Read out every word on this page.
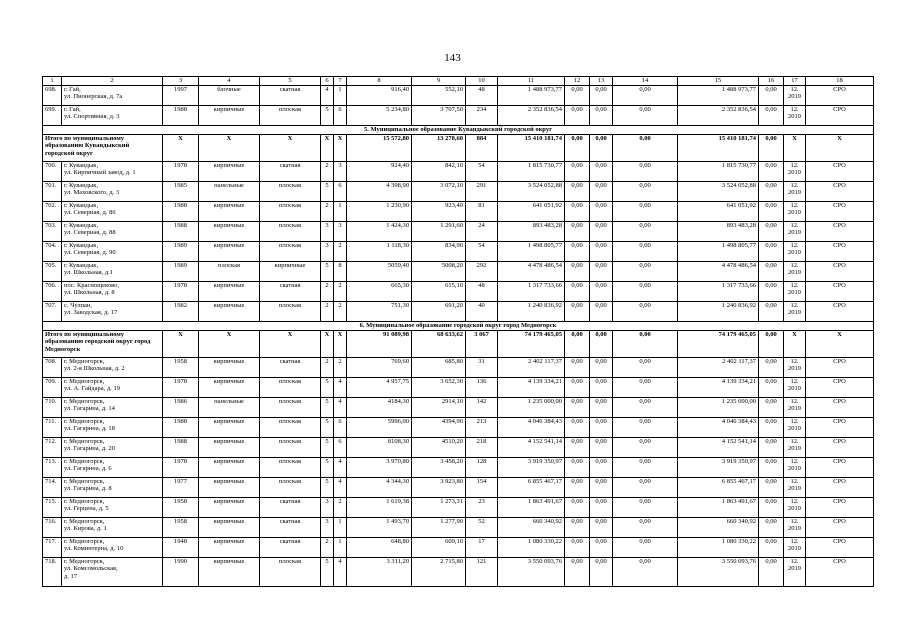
143
1	2	3	4	5	6	7	8	9	10	11	12	13	14	15	16	17	18
698.	г. Гай,
ул. Пионерская, д. 7а	1997	блочные	скатная	4	1	916,40	552,10	48	1 488 973,77	0,00	0,00	0,00	1 488 973,77	0,00	12.
2019	СРО
699.	г. Гай,
ул. Спортивная, д. 3	1988	кирпичные	плоская	5	6	5 234,80	3 707,50	234	2 352 836,54	0,00	0,00	0,00	2 352 836,54	0,00	12.
2019	СРО
5. Муниципальное образование Кувандыкский городской округ																	
Итого по муниципальному образованию Кувандыкский городской округ		X	X	X	X	X	15 572,80	13 278,60	884	15 410 181,74	0,00	0,00	0,00	15 410 181,74	0,00	X	X
700.	г. Кувандык,
ул. Кирпичный завод, д. 1	1978	кирпичные	скатная	2	3	924,40	842,10	54	1 815 730,77	0,00	0,00	0,00	1 815 730,77	0,00	12.
2019	СРО
701.	г. Кувандык,
ул. Маховского, д. 3	1985	панельные	плоская	5	6	4 398,90	3 072,10	291	3 524 052,88	0,00	0,00	0,00	3 524 052,88	0,00	12.
2019	СРО
702.	г. Кувандык,
ул. Северная, д. 86	1988	кирпичные	плоская	2	1	1 230,90	923,40	81	641 051,92	0,00	0,00	0,00	641 051,92	0,00	12.
2019	СРО
703.	г. Кувандык,
ул. Северная, д. 88	1988	кирпичные	плоская	3	3	1 424,30	1 291,60	24	893 483,28	0,00	0,00	0,00	893 483,28	0,00	12.
2019	СРО
704.	г. Кувандык,
ул. Северная, д. 90	1989	кирпичные	плоская	3	2	1 118,30	834,90	54	1 498 805,77	0,00	0,00	0,00	1 498 805,77	0,00	12.
2019	СРО
705.	г. Кувандык,
ул. Школьная, д.1	1989	плоская	кирпичные	5	8	5059,40	5008,20	292	4 478 486,54	0,00	0,00	0,00	4 478 486,54	0,00	12.
2019	СРО
706.	пос. Краснощеково,
ул. Школьная, д. 8	1978	кирпичные	скатная	2	2	665,30	615,10	48	1 317 733,66	0,00	0,00	0,00	1 317 733,66	0,00	12.
2019	СРО
707.	с. Чулпан,
ул. Заводская, д. 17	1982	кирпичные	плоская	2	2	751,30	691,20	40	1 240 836,92	0,00	0,00	0,00	1 240 836,92	0,00	12.
2019	СРО
6. Муниципальное образование городской округ город Медногорск																	
Итого по муниципальному образованию городской округ город Медногорск		X	X	X	X	X	91 089,98	68 633,62	3 067	74 179 465,05	0,00	0,00	0,00	74 179 465,05	0,00	X	X
708.	г. Медногорск,
ул. 2-я Школьная, д. 2	1958	кирпичные	скатная	2	2	769,60	685,80	31	2 402 117,37	0,00	0,00	0,00	2 402 117,37	0,00	12.
2019	СРО
709.	г. Медногорск,
ул. А. Гайдара, д. 19	1978	кирпичные	плоская	5	4	4 957,75	3 652,30	136	4 139 334,21	0,00	0,00	0,00	4 139 334,21	0,00	12.
2019	СРО
710.	г. Медногорск,
ул. Гагарина, д. 14	1986	панельные	плоская	5	4	4184,30	2914,10	142	1 235 000,00	0,00	0,00	0,00	1 235 000,00	0,00	12.
2019	СРО
711.	г. Медногорск,
ул. Гагарина, д. 18	1988	кирпичные	плоская	5	6	5996,00	4394,90	213	4 046 384,43	0,00	0,00	0,00	4 046 384,43	0,00	12.
2019	СРО
712.	г. Медногорск,
ул. Гагарина, д. 20	1988	кирпичные	плоская	5	6	8108,30	4510,20	218	4 152 541,14	0,00	0,00	0,00	4 152 541,14	0,00	12.
2019	СРО
713.	г. Медногорск,
ул. Гагарина, д. 6	1978	кирпичные	плоская	5	4	3 970,80	3 458,20	128	3 919 350,97	0,00	0,00	0,00	3 919 350,97	0,00	12.
2019	СРО
714.	г. Медногорск,
ул. Гагарина, д. 8	1977	кирпичные	плоская	5	4	4 344,30	3 923,80	154	6 855 467,17	0,00	0,00	0,00	6 855 467,17	0,00	12.
2019	СРО
715.	г. Медногорск,
ул. Герцена, д. 5	1958	кирпичные	скатная	3	2	1 619,38	1 273,31	23	1 863 491,67	0,00	0,00	0,00	1 863 491,67	0,00	12.
2019	СРО
716.	г. Медногорск,
ул. Кирова, д. 1	1958	кирпичные	скатная	3	1	1 493,70	1 277,90	52	660 340,92	0,00	0,00	0,00	660 340,92	0,00	12.
2019	СРО
717.	г. Медногорск,
ул. Коминтерна, д. 10	1948	кирпичные	скатная	2	1	648,80	609,10	17	1 080 330,22	0,00	0,00	0,00	1 080 330,22	0,00	12.
2019	СРО
718.	г. Медногорск,
ул. Комсомольская,
д. 17	1990	кирпичные	плоская	5	4	3 311,20	2 715,80	121	3 550 093,76	0,00	0,00	0,00	3 550 093,76	0,00	12.
2019	СРО
